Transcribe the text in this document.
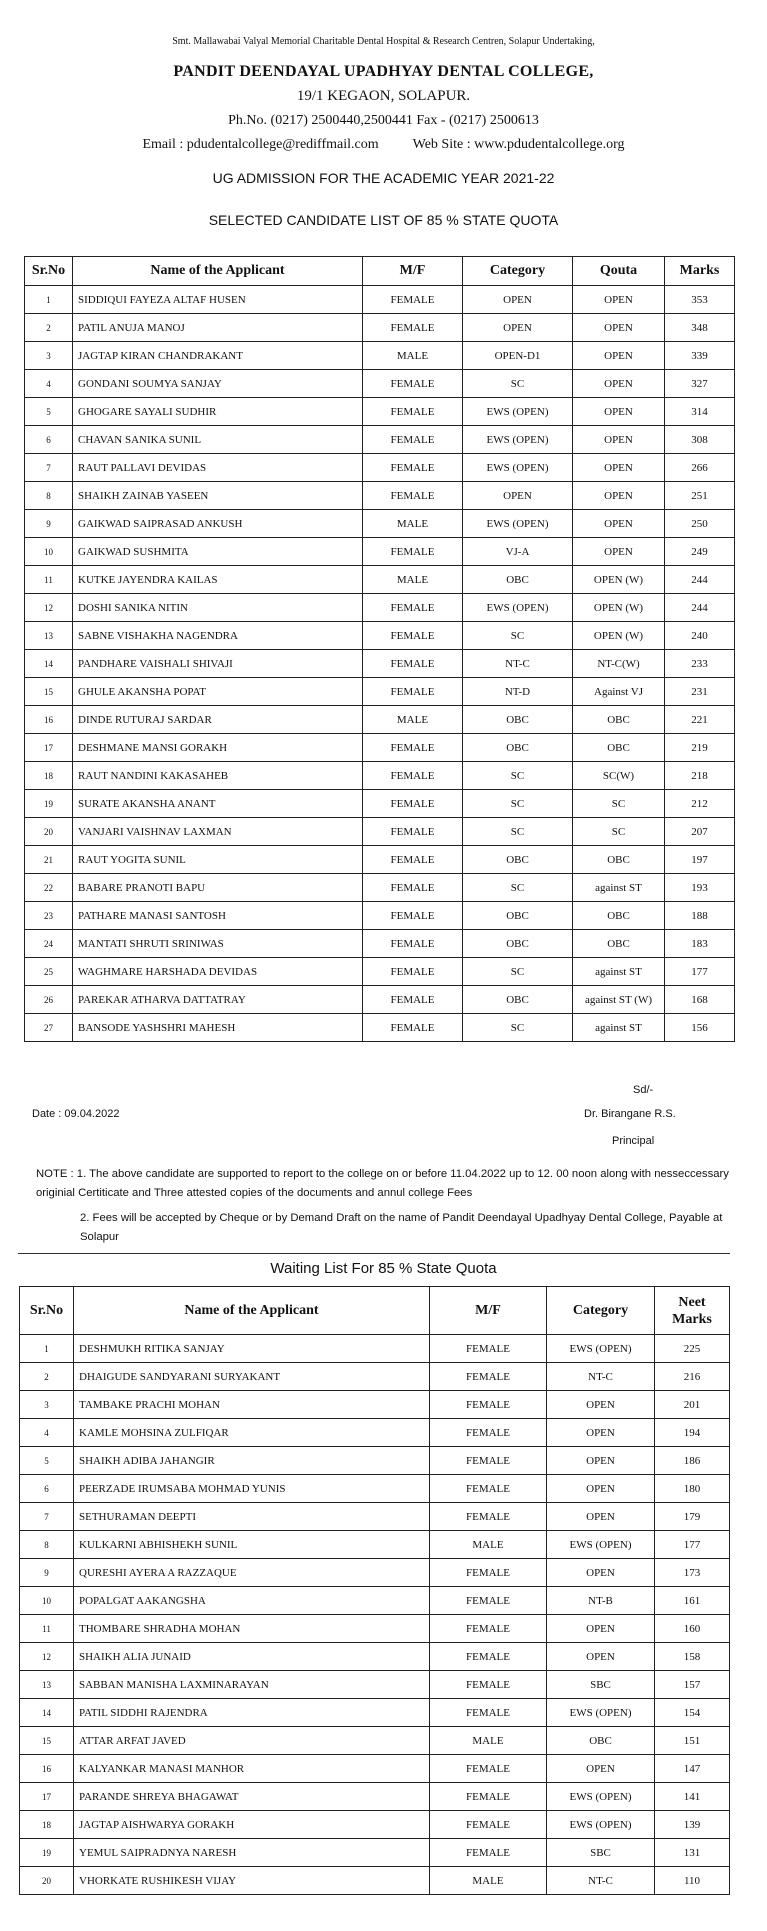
Smt. Mallawabai Valyal Memorial Charitable Dental Hospital & Research Centren, Solapur Undertaking,
PANDIT DEENDAYAL UPADHYAY DENTAL COLLEGE,
19/1 KEGAON, SOLAPUR.
Ph.No. (0217) 2500440,2500441 Fax - (0217) 2500613
Email : pdudentalcollege@rediffmail.com Web Site : www.pdudentalcollege.org
UG ADMISSION FOR THE ACADEMIC YEAR 2021-22
SELECTED CANDIDATE LIST OF 85 % STATE QUOTA
Sr.No	Name of the Applicant	M/F	Category	Qouta	Marks
1	SIDDIQUI FAYEZA ALTAF HUSEN	FEMALE	OPEN	OPEN	353
2	PATIL ANUJA MANOJ	FEMALE	OPEN	OPEN	348
3	JAGTAP KIRAN CHANDRAKANT	MALE	OPEN-D1	OPEN	339
4	GONDANI SOUMYA SANJAY	FEMALE	SC	OPEN	327
5	GHOGARE SAYALI SUDHIR	FEMALE	EWS (OPEN)	OPEN	314
6	CHAVAN SANIKA SUNIL	FEMALE	EWS (OPEN)	OPEN	308
7	RAUT PALLAVI DEVIDAS	FEMALE	EWS (OPEN)	OPEN	266
8	SHAIKH ZAINAB YASEEN	FEMALE	OPEN	OPEN	251
9	GAIKWAD SAIPRASAD ANKUSH	MALE	EWS (OPEN)	OPEN	250
10	GAIKWAD SUSHMITA	FEMALE	VJ-A	OPEN	249
11	KUTKE JAYENDRA KAILAS	MALE	OBC	OPEN (W)	244
12	DOSHI SANIKA NITIN	FEMALE	EWS (OPEN)	OPEN (W)	244
13	SABNE VISHAKHA NAGENDRA	FEMALE	SC	OPEN (W)	240
14	PANDHARE VAISHALI SHIVAJI	FEMALE	NT-C	NT-C(W)	233
15	GHULE AKANSHA POPAT	FEMALE	NT-D	Against VJ	231
16	DINDE RUTURAJ SARDAR	MALE	OBC	OBC	221
17	DESHMANE MANSI GORAKH	FEMALE	OBC	OBC	219
18	RAUT NANDINI KAKASAHEB	FEMALE	SC	SC(W)	218
19	SURATE AKANSHA ANANT	FEMALE	SC	SC	212
20	VANJARI VAISHNAV LAXMAN	FEMALE	SC	SC	207
21	RAUT YOGITA SUNIL	FEMALE	OBC	OBC	197
22	BABARE PRANOTI BAPU	FEMALE	SC	against ST	193
23	PATHARE MANASI SANTOSH	FEMALE	OBC	OBC	188
24	MANTATI SHRUTI SRINIWAS	FEMALE	OBC	OBC	183
25	WAGHMARE HARSHADA DEVIDAS	FEMALE	SC	against ST	177
26	PAREKAR ATHARVA DATTATRAY	FEMALE	OBC	against ST (W)	168
27	BANSODE YASHSHRI MAHESH	FEMALE	SC	against ST	156
Sd/-
Date : 09.04.2022	Dr. Birangane R.S.
Principal
NOTE : 1. The above candidate are supported to report to the college on or before 11.04.2022 up to 12. 00 noon along with nesseccessary originial Certiticate and Three attested copies of the documents and annul college Fees
2. Fees will be accepted by Cheque or by Demand Draft on the name of Pandit Deendayal Upadhyay Dental College, Payable at Solapur
Waiting List For 85 % State Quota
Sr.No	Name of the Applicant	M/F	Category	Neet Marks
1	DESHMUKH RITIKA SANJAY	FEMALE	EWS (OPEN)	225
2	DHAIGUDE SANDYARANI SURYAKANT	FEMALE	NT-C	216
3	TAMBAKE PRACHI MOHAN	FEMALE	OPEN	201
4	KAMLE MOHSINA ZULFIQAR	FEMALE	OPEN	194
5	SHAIKH ADIBA JAHANGIR	FEMALE	OPEN	186
6	PEERZADE IRUMSABA MOHMAD YUNIS	FEMALE	OPEN	180
7	SETHURAMAN DEEPTI	FEMALE	OPEN	179
8	KULKARNI ABHISHEKH SUNIL	MALE	EWS (OPEN)	177
9	QURESHI AYERA A RAZZAQUE	FEMALE	OPEN	173
10	POPALGAT AAKANGSHA	FEMALE	NT-B	161
11	THOMBARE SHRADHA MOHAN	FEMALE	OPEN	160
12	SHAIKH ALIA JUNAID	FEMALE	OPEN	158
13	SABBAN MANISHA LAXMINARAYAN	FEMALE	SBC	157
14	PATIL SIDDHI RAJENDRA	FEMALE	EWS (OPEN)	154
15	ATTAR ARFAT JAVED	MALE	OBC	151
16	KALYANKAR MANASI MANHOR	FEMALE	OPEN	147
17	PARANDE SHREYA BHAGAWAT	FEMALE	EWS (OPEN)	141
18	JAGTAP AISHWARYA GORAKH	FEMALE	EWS (OPEN)	139
19	YEMUL SAIPRADNYA NARESH	FEMALE	SBC	131
20	VHORKATE RUSHIKESH VIJAY	MALE	NT-C	110
